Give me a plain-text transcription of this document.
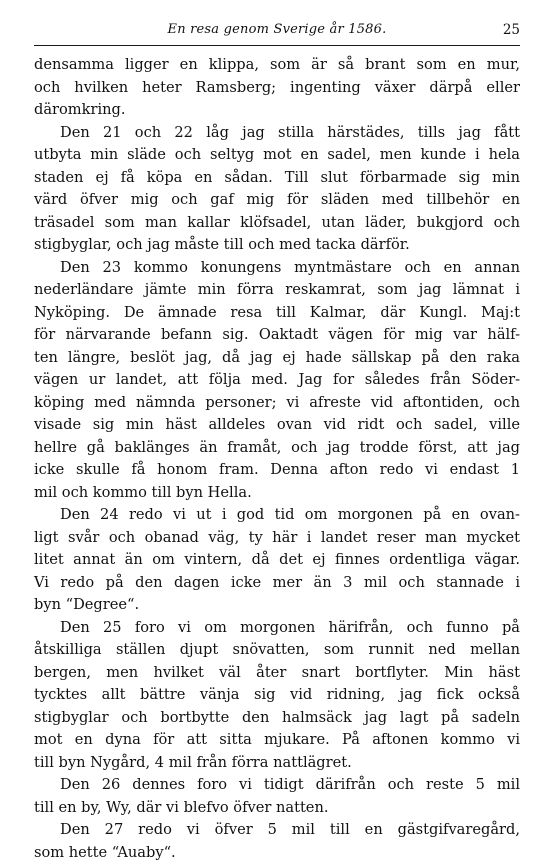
En resa genom Sverige år 1586.	25
densamma ligger en klippa, som är så brant som en mur,
och hvilken heter Ramsberg; ingenting växer därpå eller
däromkring.
Den 21 och 22 låg jag stilla härstädes, tills jag fått
utbyta min släde och seltyg mot en sadel, men kunde i hela
staden ej få köpa en sådan. Till slut förbarmade sig min
värd öfver mig och gaf mig för släden med tillbehör en
träsadel som man kallar klöfsadel, utan läder, bukgjord och
stigbyglar, och jag måste till och med tacka därför.
Den 23 kommo konungens myntmästare och en annan
nederländare jämte min förra reskamrat, som jag lämnat i
Nyköping. De ämnade resa till Kalmar, där Kungl. Maj:t
för närvarande befann sig. Oaktadt vägen för mig var hälf-
ten längre, beslöt jag, då jag ej hade sällskap på den raka
vägen ur landet, att följa med. Jag for således från Söder-
köping med nämnda personer; vi afreste vid aftontiden, och
visade sig min häst alldeles ovan vid ridt och sadel, ville
hellre gå baklänges än framåt, och jag trodde först, att jag
icke skulle få honom fram. Denna afton redo vi endast 1
mil och kommo till byn Hella.
Den 24 redo vi ut i god tid om morgonen på en ovan-
ligt svår och obanad väg, ty här i landet reser man mycket
litet annat än om vintern, då det ej finnes ordentliga vägar.
Vi redo på den dagen icke mer än 3 mil och stannade i
byn “Degree“.
Den 25 foro vi om morgonen härifrån, och funno på
åtskilliga ställen djupt snövatten, som runnit ned mellan
bergen, men hvilket väl åter snart bortflyter. Min häst
tycktes allt bättre vänja sig vid ridning, jag fick också
stigbyglar och bortbytte den halmsäck jag lagt på sadeln
mot en dyna för att sitta mjukare. På aftonen kommo vi
till byn Nygård, 4 mil från förra nattlägret.
Den 26 dennes foro vi tidigt därifrån och reste 5 mil
till en by, Wy, där vi blefvo öfver natten.
Den 27 redo vi öfver 5 mil till en gästgifvaregård,
som hette “Auaby“.
